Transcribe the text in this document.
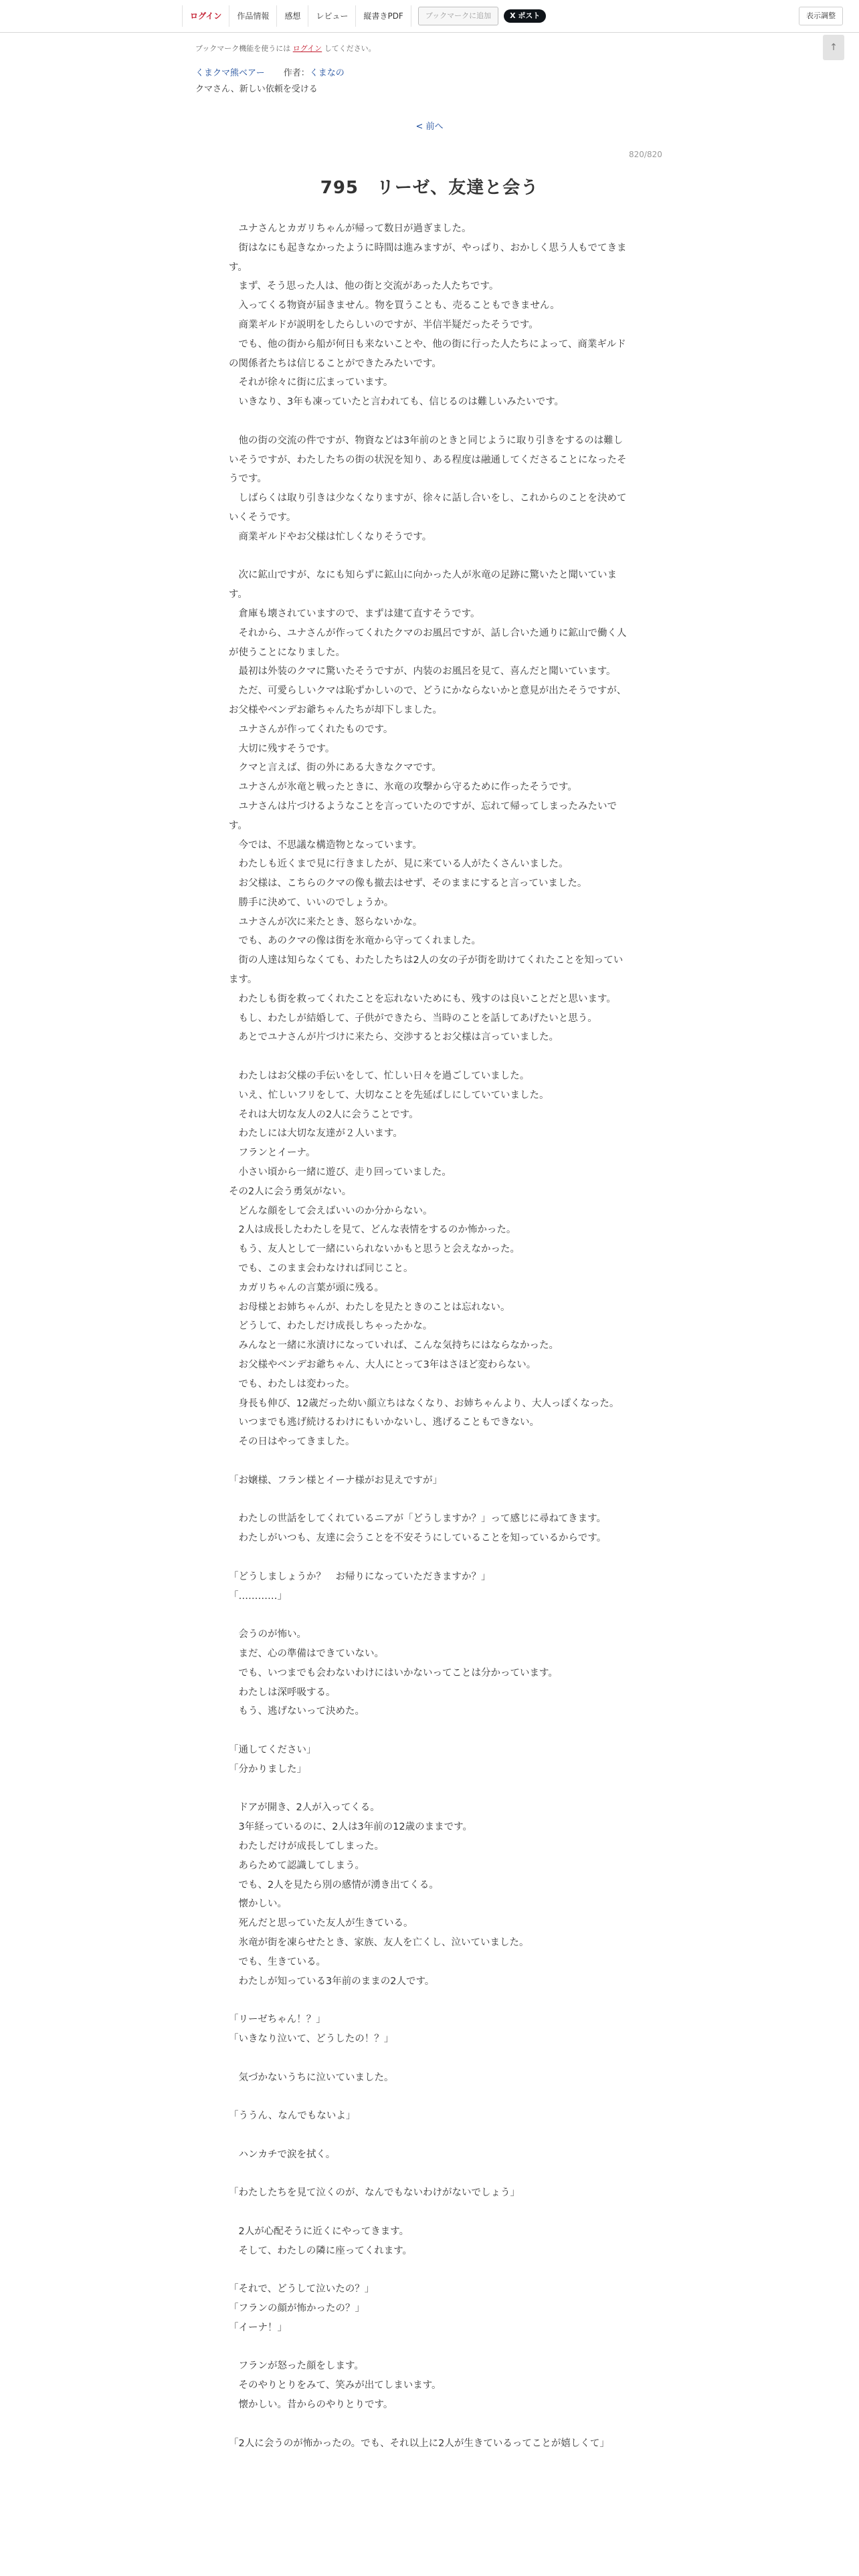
ログイン	作品情報	感想	レビュー	縦書きPDF	ブックマークに追加	X ポスト	表示調整
↑
ブックマーク機能を使うには ログイン してください。
くまクマ熊ベアー 作者：くまなの
クマさん、新しい依頼を受ける
< 前へ
820/820
795　リーゼ、友達と会う

　ユナさんとカガリちゃんが帰って数日が過ぎました。

　街はなにも起きなかったように時間は進みますが、やっぱり、おかしく思う人もでてきます。

　まず、そう思った人は、他の街と交流があった人たちです。

　入ってくる物資が届きません。物を買うことも、売ることもできません。

　商業ギルドが説明をしたらしいのですが、半信半疑だったそうです。

　でも、他の街から船が何日も来ないことや、他の街に行った人たちによって、商業ギルドの関係者たちは信じることができたみたいです。

　それが徐々に街に広まっています。

　いきなり、3年も凍っていたと言われても、信じるのは難しいみたいです。

　他の街の交流の件ですが、物資などは3年前のときと同じように取り引きをするのは難しいそうですが、わたしたちの街の状況を知り、ある程度は融通してくださることになったそうです。

　しばらくは取り引きは少なくなりますが、徐々に話し合いをし、これからのことを決めていくそうです。

　商業ギルドやお父様は忙しくなりそうです。

　次に鉱山ですが、なにも知らずに鉱山に向かった人が氷竜の足跡に驚いたと聞いています。

　倉庫も壊されていますので、まずは建て直すそうです。

　それから、ユナさんが作ってくれたクマのお風呂ですが、話し合いた通りに鉱山で働く人が使うことになりました。

　最初は外装のクマに驚いたそうですが、内装のお風呂を見て、喜んだと聞いています。

　ただ、可愛らしいクマは恥ずかしいので、どうにかならないかと意見が出たそうですが、お父様やベンデお爺ちゃんたちが却下しました。

　ユナさんが作ってくれたものです。

　大切に残すそうです。

　クマと言えば、街の外にある大きなクマです。

　ユナさんが氷竜と戦ったときに、氷竜の攻撃から守るために作ったそうです。

　ユナさんは片づけるようなことを言っていたのですが、忘れて帰ってしまったみたいです。

　今では、不思議な構造物となっています。

　わたしも近くまで見に行きましたが、見に来ている人がたくさんいました。

　お父様は、こちらのクマの像も撤去はせず、そのままにすると言っていました。

　勝手に決めて、いいのでしょうか。

　ユナさんが次に来たとき、怒らないかな。

　でも、あのクマの像は街を氷竜から守ってくれました。

　街の人達は知らなくても、わたしたちは2人の女の子が街を助けてくれたことを知っています。

　わたしも街を救ってくれたことを忘れないためにも、残すのは良いことだと思います。

　もし、わたしが結婚して、子供ができたら、当時のことを話してあげたいと思う。

　あとでユナさんが片づけに来たら、交渉するとお父様は言っていました。

　わたしはお父様の手伝いをして、忙しい日々を過ごしていました。

　いえ、忙しいフリをして、大切なことを先延ばしにしていていました。

　それは大切な友人の2人に会うことです。

　わたしには大切な友達が２人います。

　フランとイーナ。

　小さい頃から一緒に遊び、走り回っていました。

その2人に会う勇気がない。

　どんな顔をして会えばいいのか分からない。

　2人は成長したわたしを見て、どんな表情をするのか怖かった。

　もう、友人として一緒にいられないかもと思うと会えなかった。

　でも、このまま会わなければ同じこと。

　カガリちゃんの言葉が頭に残る。

　お母様とお姉ちゃんが、わたしを見たときのことは忘れない。

　どうして、わたしだけ成長しちゃったかな。

　みんなと一緒に氷漬けになっていれば、こんな気持ちにはならなかった。

　お父様やベンデお爺ちゃん、大人にとって3年はさほど変わらない。

　でも、わたしは変わった。

　身長も伸び、12歳だった幼い顔立ちはなくなり、お姉ちゃんより、大人っぽくなった。

　いつまでも逃げ続けるわけにもいかないし、逃げることもできない。

　その日はやってきました。

「お嬢様、フラン様とイーナ様がお見えですが」

　わたしの世話をしてくれているニアが「どうしますか？」って感じに尋ねてきます。

　わたしがいつも、友達に会うことを不安そうにしていることを知っているからです。

「どうしましょうか？　お帰りになっていただきますか？」

「…………」

　会うのが怖い。

　まだ、心の準備はできていない。

　でも、いつまでも会わないわけにはいかないってことは分かっています。

　わたしは深呼吸する。

　もう、逃げないって決めた。

「通してください」

「分かりました」

　ドアが開き、2人が入ってくる。

　3年経っているのに、2人は3年前の12歳のままです。

　わたしだけが成長してしまった。

　あらためて認識してしまう。

　でも、2人を見たら別の感情が湧き出てくる。

　懐かしい。

　死んだと思っていた友人が生きている。

　氷竜が街を凍らせたとき、家族、友人を亡くし、泣いていました。

　でも、生きている。

　わたしが知っている3年前のままの2人です。

「リーゼちゃん！？」

「いきなり泣いて、どうしたの！？」

　気づかないうちに泣いていました。

「ううん、なんでもないよ」

　ハンカチで涙を拭く。

「わたしたちを見て泣くのが、なんでもないわけがないでしょう」

　2人が心配そうに近くにやってきます。

　そして、わたしの隣に座ってくれます。

「それで、どうして泣いたの？」

「フランの顔が怖かったの？」

「イーナ！」

　フランが怒った顔をします。

　そのやりとりをみて、笑みが出てしまいます。

　懐かしい。昔からのやりとりです。

「2人に会うのが怖かったの。でも、それ以上に2人が生きているってことが嬉しくて」
